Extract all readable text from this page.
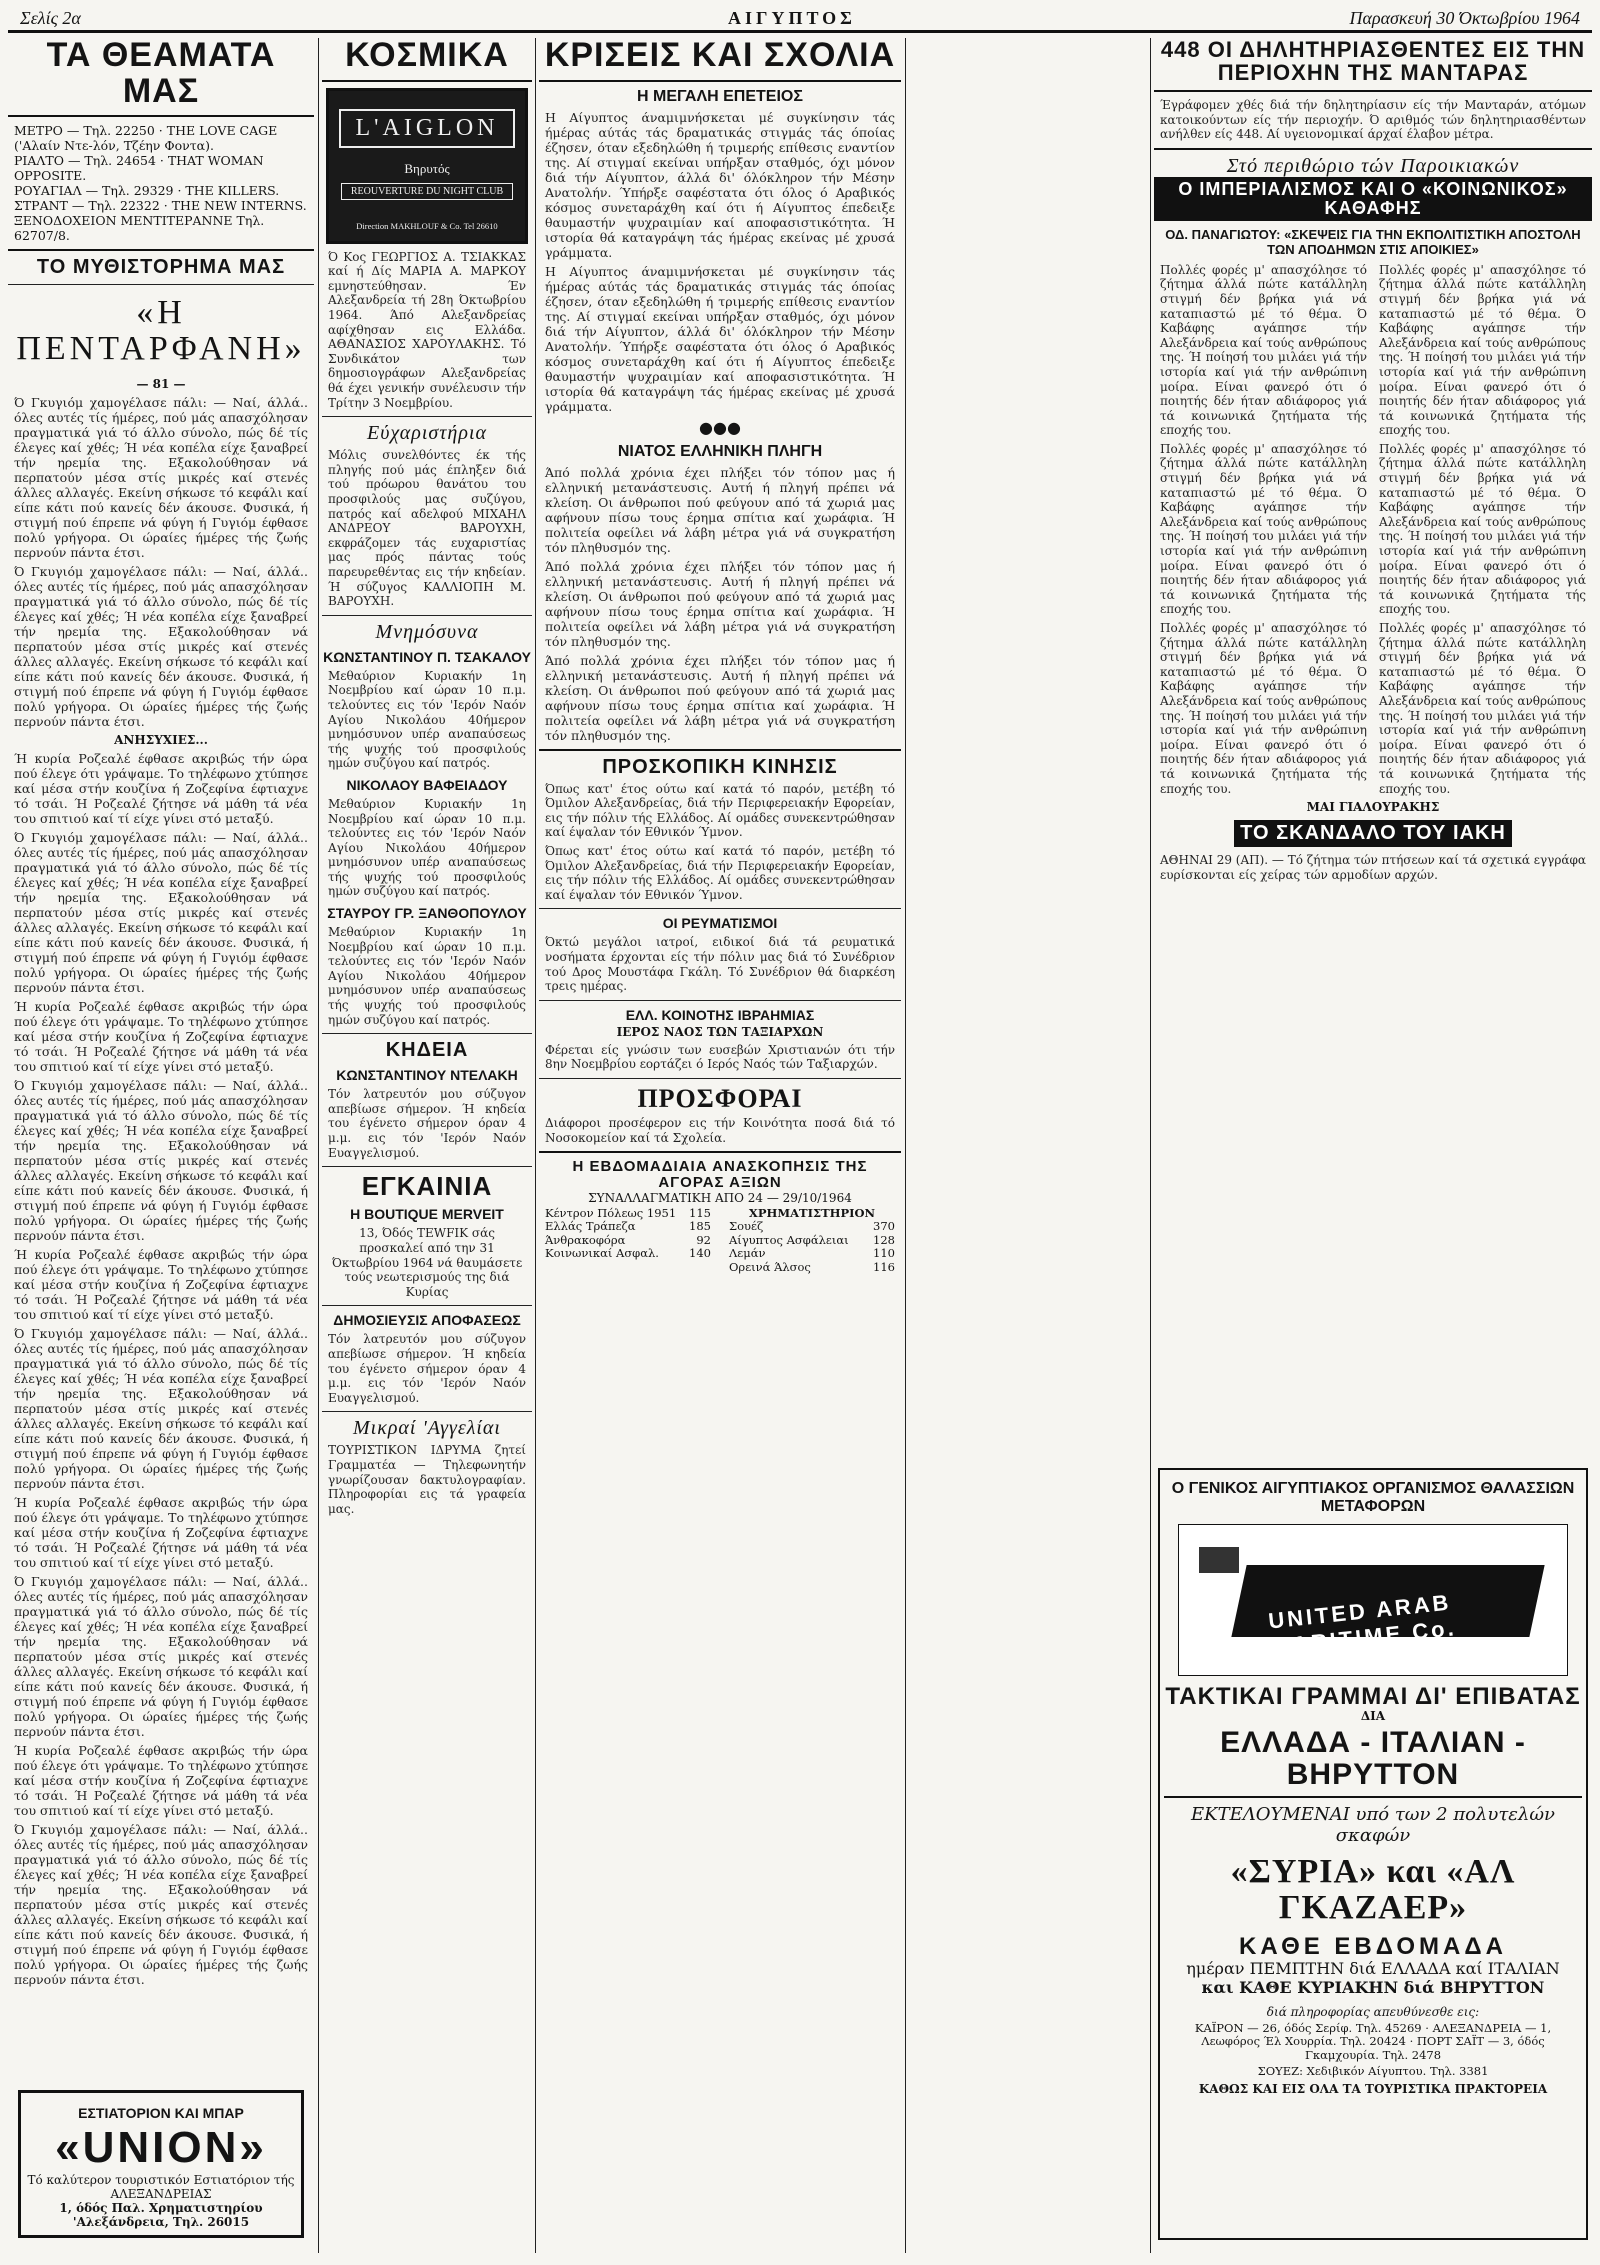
Σελίς 2α	ΑΙΓΥΠΤΟΣ	Παρασκευή 30 Όκτωβρίου 1964
ΤΑ ΘΕΑΜΑΤΑ ΜΑΣ

ΜΕΤΡΟ — Τηλ. 22250 · THE LOVE CAGE ('Αλαίν Ντε-λόν, Τζέην Φοντα).

ΡΙΑΛΤΟ — Τηλ. 24654 · THAT WOMAN OPPOSITE.

ΡΟΥΑΓΙΑΛ — Τηλ. 29329 · THE KILLERS.

ΣΤΡΑΝΤ — Τηλ. 22322 · THE NEW INTERNS.

ΞΕΝΟΔΟΧΕΙΟΝ ΜΕΝΤΙΤΕΡΑΝΝΕ Τηλ. 62707/8.

ΤΟ ΜΥΘΙΣΤΟΡΗΜΑ ΜΑΣ
«Η ΠΕΝΤΑΡΦΑΝΗ»
— 81 —

Ό Γκυγιόμ χαμογέλασε πάλι: — Ναί, άλλά.. όλες αυτές τίς ήμέρες, πού μάς απασχόλησαν πραγματικά γιά τό άλλο σύνολο, πώς δέ τίς έλεγες καί χθές; Ή νέα κοπέλα είχε ξαναβρεί τήν ηρεμία της. Εξακολούθησαν νά περπατούν μέσα στίς μικρές καί στενές άλλες αλλαγές. Εκείνη σήκωσε τό κεφάλι καί είπε κάτι πού κανείς δέν άκουσε. Φυσικά, ή στιγμή πού έπρεπε νά φύγη ή Γυγιόμ έφθασε πολύ γρήγορα. Οι ώραίες ήμέρες τής ζωής περνούν πάντα έτσι.

Ό Γκυγιόμ χαμογέλασε πάλι: — Ναί, άλλά.. όλες αυτές τίς ήμέρες, πού μάς απασχόλησαν πραγματικά γιά τό άλλο σύνολο, πώς δέ τίς έλεγες καί χθές; Ή νέα κοπέλα είχε ξαναβρεί τήν ηρεμία της. Εξακολούθησαν νά περπατούν μέσα στίς μικρές καί στενές άλλες αλλαγές. Εκείνη σήκωσε τό κεφάλι καί είπε κάτι πού κανείς δέν άκουσε. Φυσικά, ή στιγμή πού έπρεπε νά φύγη ή Γυγιόμ έφθασε πολύ γρήγορα. Οι ώραίες ήμέρες τής ζωής περνούν πάντα έτσι.

ΑΝΗΣΥΧΙΕΣ...

Ή κυρία Ροζεαλέ έφθασε ακριβώς τήν ώρα πού έλεγε ότι γράψαμε. Το τηλέφωνο χτύπησε καί μέσα στήν κουζίνα ή Ζοζεφίνα έφτιαχνε τό τσάι. Ή Ροζεαλέ ζήτησε νά μάθη τά νέα του σπιτιού καί τί είχε γίνει στό μεταξύ.

Ό Γκυγιόμ χαμογέλασε πάλι: — Ναί, άλλά.. όλες αυτές τίς ήμέρες, πού μάς απασχόλησαν πραγματικά γιά τό άλλο σύνολο, πώς δέ τίς έλεγες καί χθές; Ή νέα κοπέλα είχε ξαναβρεί τήν ηρεμία της. Εξακολούθησαν νά περπατούν μέσα στίς μικρές καί στενές άλλες αλλαγές. Εκείνη σήκωσε τό κεφάλι καί είπε κάτι πού κανείς δέν άκουσε. Φυσικά, ή στιγμή πού έπρεπε νά φύγη ή Γυγιόμ έφθασε πολύ γρήγορα. Οι ώραίες ήμέρες τής ζωής περνούν πάντα έτσι.

Ή κυρία Ροζεαλέ έφθασε ακριβώς τήν ώρα πού έλεγε ότι γράψαμε. Το τηλέφωνο χτύπησε καί μέσα στήν κουζίνα ή Ζοζεφίνα έφτιαχνε τό τσάι. Ή Ροζεαλέ ζήτησε νά μάθη τά νέα του σπιτιού καί τί είχε γίνει στό μεταξύ.

Ό Γκυγιόμ χαμογέλασε πάλι: — Ναί, άλλά.. όλες αυτές τίς ήμέρες, πού μάς απασχόλησαν πραγματικά γιά τό άλλο σύνολο, πώς δέ τίς έλεγες καί χθές; Ή νέα κοπέλα είχε ξαναβρεί τήν ηρεμία της. Εξακολούθησαν νά περπατούν μέσα στίς μικρές καί στενές άλλες αλλαγές. Εκείνη σήκωσε τό κεφάλι καί είπε κάτι πού κανείς δέν άκουσε. Φυσικά, ή στιγμή πού έπρεπε νά φύγη ή Γυγιόμ έφθασε πολύ γρήγορα. Οι ώραίες ήμέρες τής ζωής περνούν πάντα έτσι.

Ή κυρία Ροζεαλέ έφθασε ακριβώς τήν ώρα πού έλεγε ότι γράψαμε. Το τηλέφωνο χτύπησε καί μέσα στήν κουζίνα ή Ζοζεφίνα έφτιαχνε τό τσάι. Ή Ροζεαλέ ζήτησε νά μάθη τά νέα του σπιτιού καί τί είχε γίνει στό μεταξύ.

Ό Γκυγιόμ χαμογέλασε πάλι: — Ναί, άλλά.. όλες αυτές τίς ήμέρες, πού μάς απασχόλησαν πραγματικά γιά τό άλλο σύνολο, πώς δέ τίς έλεγες καί χθές; Ή νέα κοπέλα είχε ξαναβρεί τήν ηρεμία της. Εξακολούθησαν νά περπατούν μέσα στίς μικρές καί στενές άλλες αλλαγές. Εκείνη σήκωσε τό κεφάλι καί είπε κάτι πού κανείς δέν άκουσε. Φυσικά, ή στιγμή πού έπρεπε νά φύγη ή Γυγιόμ έφθασε πολύ γρήγορα. Οι ώραίες ήμέρες τής ζωής περνούν πάντα έτσι.

Ή κυρία Ροζεαλέ έφθασε ακριβώς τήν ώρα πού έλεγε ότι γράψαμε. Το τηλέφωνο χτύπησε καί μέσα στήν κουζίνα ή Ζοζεφίνα έφτιαχνε τό τσάι. Ή Ροζεαλέ ζήτησε νά μάθη τά νέα του σπιτιού καί τί είχε γίνει στό μεταξύ.

Ό Γκυγιόμ χαμογέλασε πάλι: — Ναί, άλλά.. όλες αυτές τίς ήμέρες, πού μάς απασχόλησαν πραγματικά γιά τό άλλο σύνολο, πώς δέ τίς έλεγες καί χθές; Ή νέα κοπέλα είχε ξαναβρεί τήν ηρεμία της. Εξακολούθησαν νά περπατούν μέσα στίς μικρές καί στενές άλλες αλλαγές. Εκείνη σήκωσε τό κεφάλι καί είπε κάτι πού κανείς δέν άκουσε. Φυσικά, ή στιγμή πού έπρεπε νά φύγη ή Γυγιόμ έφθασε πολύ γρήγορα. Οι ώραίες ήμέρες τής ζωής περνούν πάντα έτσι.

Ή κυρία Ροζεαλέ έφθασε ακριβώς τήν ώρα πού έλεγε ότι γράψαμε. Το τηλέφωνο χτύπησε καί μέσα στήν κουζίνα ή Ζοζεφίνα έφτιαχνε τό τσάι. Ή Ροζεαλέ ζήτησε νά μάθη τά νέα του σπιτιού καί τί είχε γίνει στό μεταξύ.

Ό Γκυγιόμ χαμογέλασε πάλι: — Ναί, άλλά.. όλες αυτές τίς ήμέρες, πού μάς απασχόλησαν πραγματικά γιά τό άλλο σύνολο, πώς δέ τίς έλεγες καί χθές; Ή νέα κοπέλα είχε ξαναβρεί τήν ηρεμία της. Εξακολούθησαν νά περπατούν μέσα στίς μικρές καί στενές άλλες αλλαγές. Εκείνη σήκωσε τό κεφάλι καί είπε κάτι πού κανείς δέν άκουσε. Φυσικά, ή στιγμή πού έπρεπε νά φύγη ή Γυγιόμ έφθασε πολύ γρήγορα. Οι ώραίες ήμέρες τής ζωής περνούν πάντα έτσι.

ΕΣΤΙΑΤΟΡΙΟΝ ΚΑΙ ΜΠΑΡ
«UNION»
Τό καλύτερον τουριστικόν Εστιατόριον τής ΑΛΕΞΑΝΔΡΕΙΑΣ
1, όδός Παλ. Χρηματιστηρίου 'Αλεξάνδρεια, Τηλ. 26015
ΚΟΣΜΙΚΑ
L'AIGLON
Βηρυτός
REOUVERTURE DU NIGHT CLUB
Direction MAKHLOUF & Co. Tel 26610

Ό Κος ΓΕΩΡΓΙΟΣ Α. ΤΣΙΑΚΚΑΣ καί ή Δίς ΜΑΡΙΑ Α. ΜΑΡΚΟΥ εμνηστεύθησαν. Έν Αλεξανδρεία τή 28η Όκτωβρίου 1964. Άπό Αλεξανδρείας αφίχθησαν εις Ελλάδα. ΑΘΑΝΑΣΙΟΣ ΧΑΡΟΥΛΑΚΗΣ. Τό Συνδικάτον των δημοσιογράφων Αλεξανδρείας θά έχει γενικήν συνέλευσιν τήν Τρίτην 3 Νοεμβρίου.

Εύχαριστήρια

Μόλις συνελθόντες έκ τής πληγής πού μάς έπληξεν διά τού πρόωρου θανάτου του προσφιλούς μας συζύγου, πατρός καί αδελφού ΜΙΧΑΗΛ ΑΝΔΡΕΟΥ ΒΑΡΟΥΧΗ, εκφράζομεν τάς ευχαριστίας μας πρός πάντας τούς παρευρεθέντας εις τήν κηδείαν. Ή σύζυγος ΚΑΛΛΙΟΠΗ Μ. ΒΑΡΟΥΧΗ.

Μνημόσυνα
ΚΩΝΣΤΑΝΤΙΝΟΥ Π. ΤΣΑΚΑΛΟΥ

Μεθαύριον Κυριακήν 1η Νοεμβρίου καί ώραν 10 π.μ. τελούντες εις τόν 'Ιερόν Ναόν Αγίου Νικολάου 40ήμερον μνημόσυνον υπέρ αναπαύσεως τής ψυχής τού προσφιλούς ημών συζύγου καί πατρός.

ΝΙΚΟΛΑΟΥ ΒΑΦΕΙΑΔΟΥ

Μεθαύριον Κυριακήν 1η Νοεμβρίου καί ώραν 10 π.μ. τελούντες εις τόν 'Ιερόν Ναόν Αγίου Νικολάου 40ήμερον μνημόσυνον υπέρ αναπαύσεως τής ψυχής τού προσφιλούς ημών συζύγου καί πατρός.

ΣΤΑΥΡΟΥ ΓΡ. ΞΑΝΘΟΠΟΥΛΟΥ

Μεθαύριον Κυριακήν 1η Νοεμβρίου καί ώραν 10 π.μ. τελούντες εις τόν 'Ιερόν Ναόν Αγίου Νικολάου 40ήμερον μνημόσυνον υπέρ αναπαύσεως τής ψυχής τού προσφιλούς ημών συζύγου καί πατρός.

ΚΗΔΕΙΑ
ΚΩΝΣΤΑΝΤΙΝΟΥ ΝΤΕΛΑΚΗ

Τόν λατρευτόν μου σύζυγον απεβίωσε σήμερον. Ή κηδεία του έγένετο σήμερον όραν 4 μ.μ. εις τόν 'Ιερόν Ναόν Ευαγγελισμού.

ΕΓΚΑΙΝΙΑ
Η BOUTIQUE MERVEIT

13, Όδός TEWFIK σάς προσκαλεί από την 31 Όκτωβρίου 1964 νά θαυμάσετε τούς νεωτερισμούς της διά Κυρίας

ΔΗΜΟΣΙΕΥΣΙΣ ΑΠΟΦΑΣΕΩΣ

Τόν λατρευτόν μου σύζυγον απεβίωσε σήμερον. Ή κηδεία του έγένετο σήμερον όραν 4 μ.μ. εις τόν 'Ιερόν Ναόν Ευαγγελισμού.

Μικραί 'Αγγελίαι

ΤΟΥΡΙΣΤΙΚΟΝ ΙΔΡΥΜΑ ζητεί Γραμματέα — Τηλεφωνητήν γνωρίζουσαν δακτυλογραφίαν. Πληροφορίαι εις τά γραφεία μας.

ΚΡΙΣΕΙΣ ΚΑΙ ΣΧΟΛΙΑ
Η ΜΕΓΑΛΗ ΕΠΕΤΕΙΟΣ

Η Αίγυπτος άναμιμνήσκεται μέ συγκίνησιν τάς ήμέρας αύτάς τάς δραματικάς στιγμάς τάς όποίας έζησεν, όταν εξεδηλώθη ή τριμερής επίθεσις εναντίον της. Αί στιγμαί εκείναι υπήρξαν σταθμός, όχι μόνον διά τήν Αίγυπτον, άλλά δι' όλόκληρον τήν Μέσην Ανατολήν. Ύπήρξε σαφέστατα ότι όλος ό Αραβικός κόσμος συνεταράχθη καί ότι ή Αίγυπτος έπεδειξε θαυμαστήν ψυχραιμίαν καί αποφασιστικότητα. Ή ιστορία θά καταγράψη τάς ήμέρας εκείνας μέ χρυσά γράμματα.

Η Αίγυπτος άναμιμνήσκεται μέ συγκίνησιν τάς ήμέρας αύτάς τάς δραματικάς στιγμάς τάς όποίας έζησεν, όταν εξεδηλώθη ή τριμερής επίθεσις εναντίον της. Αί στιγμαί εκείναι υπήρξαν σταθμός, όχι μόνον διά τήν Αίγυπτον, άλλά δι' όλόκληρον τήν Μέσην Ανατολήν. Ύπήρξε σαφέστατα ότι όλος ό Αραβικός κόσμος συνεταράχθη καί ότι ή Αίγυπτος έπεδειξε θαυμαστήν ψυχραιμίαν καί αποφασιστικότητα. Ή ιστορία θά καταγράψη τάς ήμέρας εκείνας μέ χρυσά γράμματα.

●●●
ΝΙΑΤΟΣ ΕΛΛΗΝΙΚΗ ΠΛΗΓΗ

Άπό πολλά χρόνια έχει πλήξει τόν τόπον μας ή ελληνική μετανάστευσις. Αυτή ή πληγή πρέπει νά κλείση. Οι άνθρωποι πού φεύγουν από τά χωριά μας αφήνουν πίσω τους έρημα σπίτια καί χωράφια. Ή πολιτεία οφείλει νά λάβη μέτρα γιά νά συγκρατήση τόν πληθυσμόν της.

Άπό πολλά χρόνια έχει πλήξει τόν τόπον μας ή ελληνική μετανάστευσις. Αυτή ή πληγή πρέπει νά κλείση. Οι άνθρωποι πού φεύγουν από τά χωριά μας αφήνουν πίσω τους έρημα σπίτια καί χωράφια. Ή πολιτεία οφείλει νά λάβη μέτρα γιά νά συγκρατήση τόν πληθυσμόν της.

Άπό πολλά χρόνια έχει πλήξει τόν τόπον μας ή ελληνική μετανάστευσις. Αυτή ή πληγή πρέπει νά κλείση. Οι άνθρωποι πού φεύγουν από τά χωριά μας αφήνουν πίσω τους έρημα σπίτια καί χωράφια. Ή πολιτεία οφείλει νά λάβη μέτρα γιά νά συγκρατήση τόν πληθυσμόν της.

ΠΡΟΣΚΟΠΙΚΗ ΚΙΝΗΣΙΣ

Όπως κατ' έτος ούτω καί κατά τό παρόν, μετέβη τό Όμιλον Αλεξανδρείας, διά τήν Περιφερειακήν Εφορείαν, εις τήν πόλιν τής Ελλάδος. Αί ομάδες συνεκεντρώθησαν καί έψαλαν τόν Εθνικόν Ύμνον.

Όπως κατ' έτος ούτω καί κατά τό παρόν, μετέβη τό Όμιλον Αλεξανδρείας, διά τήν Περιφερειακήν Εφορείαν, εις τήν πόλιν τής Ελλάδος. Αί ομάδες συνεκεντρώθησαν καί έψαλαν τόν Εθνικόν Ύμνον.

ΟΙ ΡΕΥΜΑΤΙΣΜΟΙ

Όκτώ μεγάλοι ιατροί, ειδικοί διά τά ρευματικά νοσήματα έρχονται είς τήν πόλιν μας διά τό Συνέδριον τού Δρος Μουστάφα Γκάλη. Τό Συνέδριον θά διαρκέση τρεις ημέρας.

ΕΛΛ. ΚΟΙΝΟΤΗΣ ΙΒΡΑΗΜΙΑΣ
ΙΕΡΟΣ ΝΑΟΣ ΤΩΝ ΤΑΞΙΑΡΧΩΝ

Φέρεται είς γνώσιν των ευσεβών Χριστιανών ότι τήν 8ην Νοεμβρίου εορτάζει ό Ιερός Ναός τών Ταξιαρχών.

ΠΡΟΣΦΟΡΑΙ

Διάφοροι προσέφερον εις τήν Κοινότητα ποσά διά τό Νοσοκομείον καί τά Σχολεία.

Η ΕΒΔΟΜΑΔΙΑΙΑ ΑΝΑΣΚΟΠΗΣΙΣ ΤΗΣ ΑΓΟΡΑΣ ΑΞΙΩΝ
ΣΥΝΑΛΛΑΓΜΑΤΙΚΗ ΑΠΟ 24 — 29/10/1964
Κέντρον Πόλεως 1951 115
Ελλάς Τράπεζα	185
Άνθρακοφόρα	92
Κοινωνικαί Ασφαλ.	140
ΧΡΗΜΑΤΙΣΤΗΡΙΟΝ
Σουέζ	370
Αίγυπτος Ασφάλειαι 128
Λεμάν	110
Ορεινά Άλσος	116
448 ΟΙ ΔΗΛΗΤΗΡΙΑΣΘΕΝΤΕΣ ΕΙΣ ΤΗΝ ΠΕΡΙΟΧΗΝ ΤΗΣ ΜΑΝΤΑΡΑΣ

Έγράφομεν χθές διά τήν δηλητηρίασιν είς τήν Μανταράν, ατόμων κατοικούντων είς τήν περιοχήν. Ό αριθμός τών δηλητηριασθέντων ανήλθεν είς 448. Αί υγειονομικαί άρχαί έλαβον μέτρα.

Στό περιθώριο τών Παροικιακών
Ο ΙΜΠΕΡΙΑΛΙΣΜΟΣ ΚΑΙ Ο «ΚΟΙΝΩΝΙΚΟΣ» ΚΑΘΑΦΗΣ
ΟΔ. ΠΑΝΑΓΙΩΤΟΥ: «ΣΚΕΨΕΙΣ ΓΙΑ ΤΗΝ ΕΚΠΟΛΙΤΙΣΤΙΚΗ ΑΠΟΣΤΟΛΗ ΤΩΝ ΑΠΟΔΗΜΩΝ ΣΤΙΣ ΑΠΟΙΚΙΕΣ»

Πολλές φορές μ' απασχόλησε τό ζήτημα άλλά πώτε κατάλληλη στιγμή δέν βρήκα γιά νά καταπιαστώ μέ τό θέμα. Ό Καβάφης αγάπησε τήν Αλεξάνδρεια καί τούς ανθρώπους της. Ή ποίησή του μιλάει γιά τήν ιστορία καί γιά τήν ανθρώπινη μοίρα. Είναι φανερό ότι ό ποιητής δέν ήταν αδιάφορος γιά τά κοινωνικά ζητήματα τής εποχής του.

Πολλές φορές μ' απασχόλησε τό ζήτημα άλλά πώτε κατάλληλη στιγμή δέν βρήκα γιά νά καταπιαστώ μέ τό θέμα. Ό Καβάφης αγάπησε τήν Αλεξάνδρεια καί τούς ανθρώπους της. Ή ποίησή του μιλάει γιά τήν ιστορία καί γιά τήν ανθρώπινη μοίρα. Είναι φανερό ότι ό ποιητής δέν ήταν αδιάφορος γιά τά κοινωνικά ζητήματα τής εποχής του.

Πολλές φορές μ' απασχόλησε τό ζήτημα άλλά πώτε κατάλληλη στιγμή δέν βρήκα γιά νά καταπιαστώ μέ τό θέμα. Ό Καβάφης αγάπησε τήν Αλεξάνδρεια καί τούς ανθρώπους της. Ή ποίησή του μιλάει γιά τήν ιστορία καί γιά τήν ανθρώπινη μοίρα. Είναι φανερό ότι ό ποιητής δέν ήταν αδιάφορος γιά τά κοινωνικά ζητήματα τής εποχής του.

Πολλές φορές μ' απασχόλησε τό ζήτημα άλλά πώτε κατάλληλη στιγμή δέν βρήκα γιά νά καταπιαστώ μέ τό θέμα. Ό Καβάφης αγάπησε τήν Αλεξάνδρεια καί τούς ανθρώπους της. Ή ποίησή του μιλάει γιά τήν ιστορία καί γιά τήν ανθρώπινη μοίρα. Είναι φανερό ότι ό ποιητής δέν ήταν αδιάφορος γιά τά κοινωνικά ζητήματα τής εποχής του.

Πολλές φορές μ' απασχόλησε τό ζήτημα άλλά πώτε κατάλληλη στιγμή δέν βρήκα γιά νά καταπιαστώ μέ τό θέμα. Ό Καβάφης αγάπησε τήν Αλεξάνδρεια καί τούς ανθρώπους της. Ή ποίησή του μιλάει γιά τήν ιστορία καί γιά τήν ανθρώπινη μοίρα. Είναι φανερό ότι ό ποιητής δέν ήταν αδιάφορος γιά τά κοινωνικά ζητήματα τής εποχής του.

Πολλές φορές μ' απασχόλησε τό ζήτημα άλλά πώτε κατάλληλη στιγμή δέν βρήκα γιά νά καταπιαστώ μέ τό θέμα. Ό Καβάφης αγάπησε τήν Αλεξάνδρεια καί τούς ανθρώπους της. Ή ποίησή του μιλάει γιά τήν ιστορία καί γιά τήν ανθρώπινη μοίρα. Είναι φανερό ότι ό ποιητής δέν ήταν αδιάφορος γιά τά κοινωνικά ζητήματα τής εποχής του.

ΜΑΙ ΓΙΑΛΟΥΡΑΚΗΣ
ΤΟ ΣΚΑΝΔΑΛΟ ΤΟΥ ΙΑΚΗ

ΑΘΗΝΑΙ 29 (ΑΠ). — Τό ζήτημα τών πτήσεων καί τά σχετικά εγγράφα ευρίσκονται είς χείρας τών αρμοδίων αρχών.

Ο ΓΕΝΙΚΟΣ ΑΙΓΥΠΤΙΑΚΟΣ ΟΡΓΑΝΙΣΜΟΣ ΘΑΛΑΣΣΙΩΝ ΜΕΤΑΦΟΡΩΝ
UNITED ARAB MARITIME Co.
ΤΑΚΤΙΚΑΙ ΓΡΑΜΜΑΙ ΔΙ' ΕΠΙΒΑΤΑΣ
ΔΙΑ
ΕΛΛΑΔΑ - ΙΤΑΛΙΑΝ - ΒΗΡΥΤΤΟΝ
ΕΚΤΕΛΟΥΜΕΝΑΙ υπό των 2 πολυτελών σκαφών
«ΣΥΡΙΑ» και «ΑΛ ΓΚΑΖΑΕΡ»
ΚΑΘΕ ΕΒΔΟΜΑΔΑ
ημέραν ΠΕΜΠΤΗΝ διά ΕΛΛΑΔΑ καί ΙΤΑΛΙΑΝ
και ΚΑΘΕ ΚΥΡΙΑΚΗΝ διά ΒΗΡΥΤΤΟΝ
διά πληροφορίας απευθύνεσθε εις:
ΚΑΪΡΟΝ — 26, όδός Σερίφ. Τηλ. 45269 · ΑΛΕΞΑΝΔΡΕΙΑ — 1, Λεωφόρος Έλ Χουρρία. Τηλ. 20424 · ΠΟΡΤ ΣΑΪΤ — 3, όδός Γκαμχουρία. Τηλ. 2478
ΣΟΥΕΖ: Χεδιβικόν Αίγυπτου. Τηλ. 3381
ΚΑΘΩΣ ΚΑΙ ΕΙΣ ΟΛΑ ΤΑ ΤΟΥΡΙΣΤΙΚΑ ΠΡΑΚΤΟΡΕΙΑ
